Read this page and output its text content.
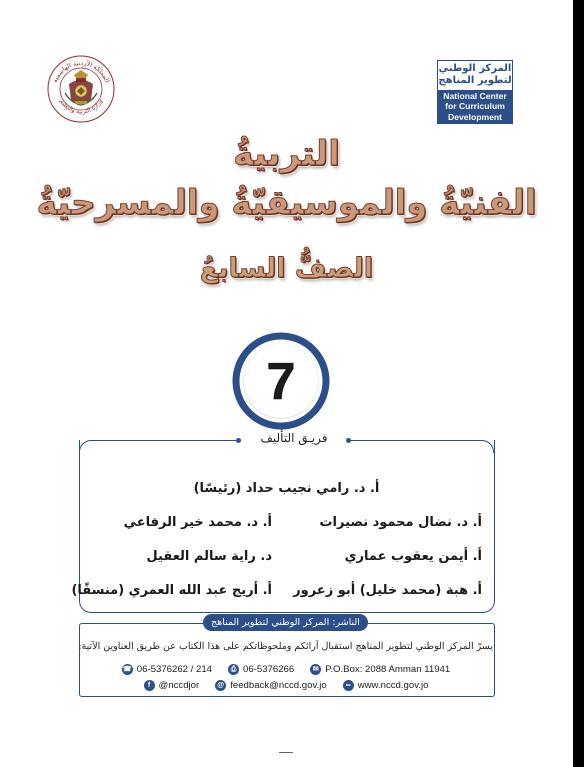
المملكة الأردنية الهاشمية
وزارة التربية والتعليم
المركز الوطني
لتطوير المناهج
National Center
for Curriculum
Development
التربيةُ
الفنيّةُ والموسيقيّةُ والمسرحيّةُ
الصفُّ السابعُ
7
فريـق التأليف
أ. د. رامي نجيب حداد (رئيسًا)
أ. د. نضال محمود نصيرات
أ. د. محمد خير الرفاعي
أ. أيمن يعقوب عماري
د. راية سالم العقيل
أ. هبة (محمد خليل) أبو زعرور
أ. أريج عبد الله العمري (منسقًا)
الناشر: المركز الوطني لتطوير المناهج
يسرّ المركز الوطني لتطوير المناهج استقبال آرائكم وملحوظاتكم على هذا الكتاب عن طريق العناوين الآتية:
☎ 06-5376262 / 214	⎙ 06-5376266	✉ P.O.Box: 2088 Amman 11941
f @nccdjor	@ feedback@nccd.gov.jo	∞ www.nccd.gov.jo
